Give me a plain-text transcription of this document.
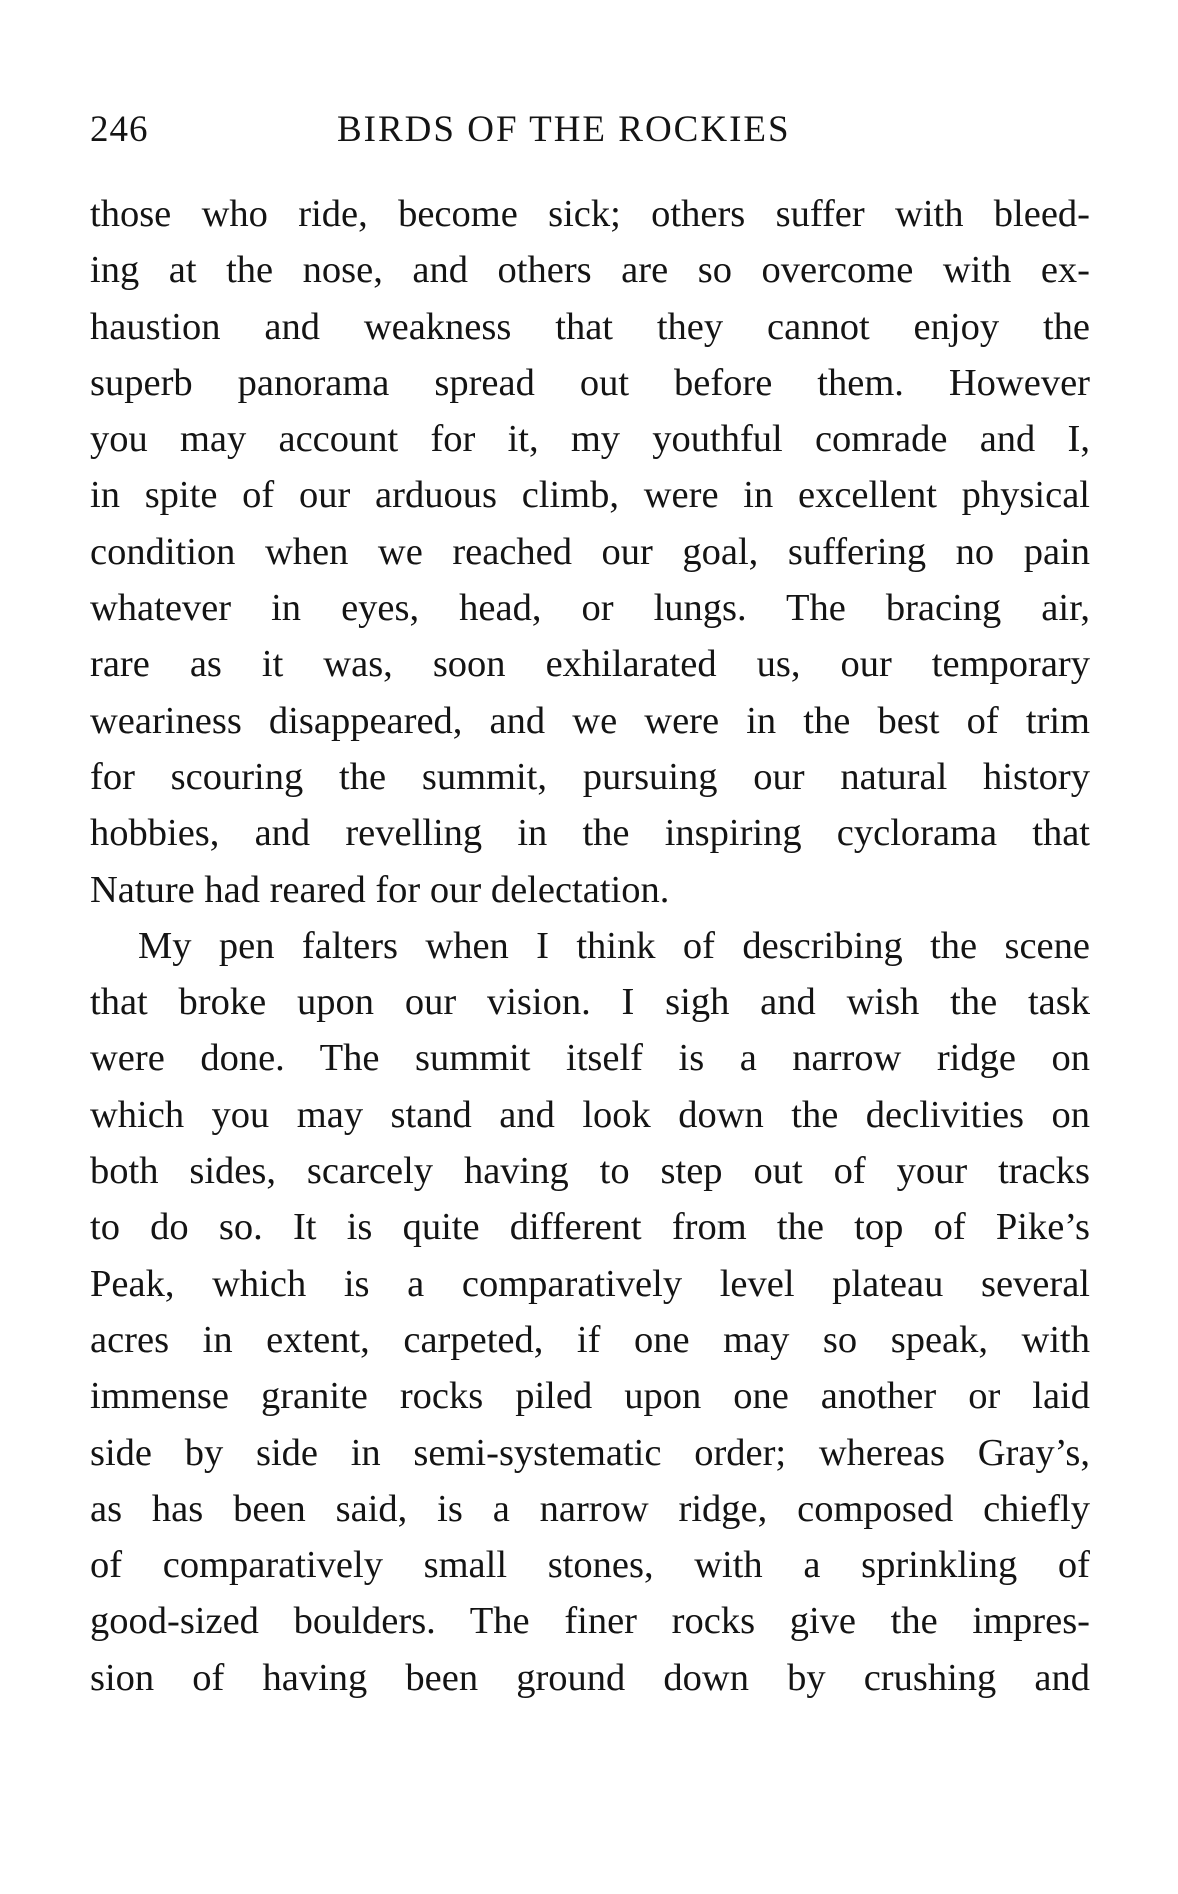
246	BIRDS OF THE ROCKIES
those who ride, become sick; others suffer with bleed-
ing at the nose, and others are so overcome with ex-
haustion and weakness that they cannot enjoy the
superb panorama spread out before them. However
you may account for it, my youthful comrade and I,
in spite of our arduous climb, were in excellent physical
condition when we reached our goal, suffering no pain
whatever in eyes, head, or lungs. The bracing air,
rare as it was, soon exhilarated us, our temporary
weariness disappeared, and we were in the best of trim
for scouring the summit, pursuing our natural history
hobbies, and revelling in the inspiring cyclorama that
Nature had reared for our delectation.
My pen falters when I think of describing the scene
that broke upon our vision. I sigh and wish the task
were done. The summit itself is a narrow ridge on
which you may stand and look down the declivities on
both sides, scarcely having to step out of your tracks
to do so. It is quite different from the top of Pike’s
Peak, which is a comparatively level plateau several
acres in extent, carpeted, if one may so speak, with
immense granite rocks piled upon one another or laid
side by side in semi-systematic order; whereas Gray’s,
as has been said, is a narrow ridge, composed chiefly
of comparatively small stones, with a sprinkling of
good-sized boulders. The finer rocks give the impres-
sion of having been ground down by crushing and
